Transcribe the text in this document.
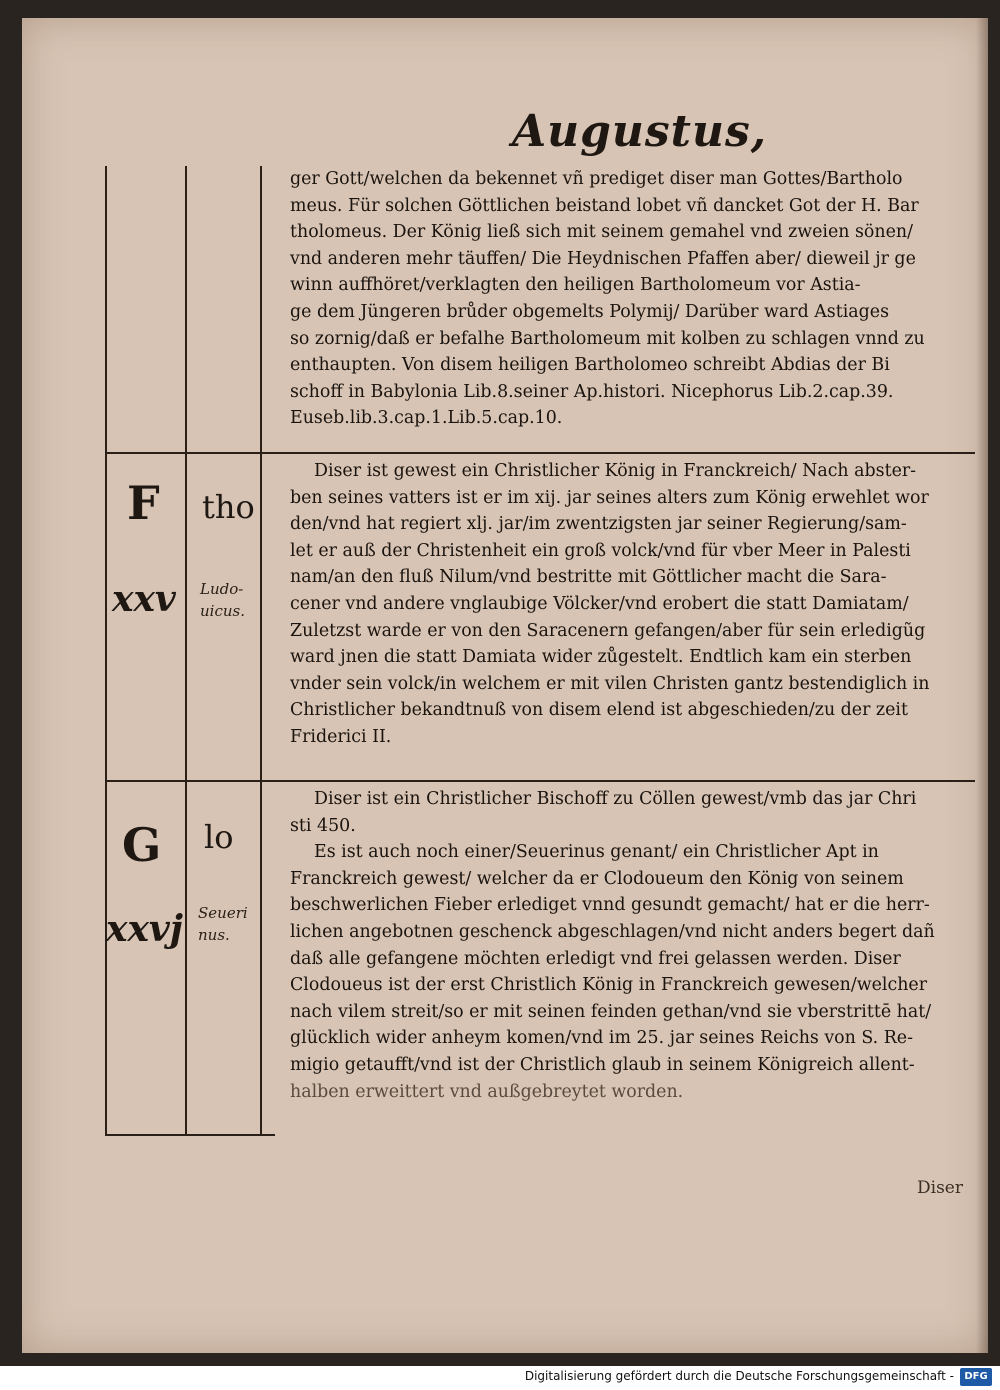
Augustus,

ger Gott/welchen da bekennet vñ prediget diser man Gottes/Bartholo

meus. Für solchen Göttlichen beistand lobet vñ dancket Got der H. Bar

tholomeus. Der König ließ sich mit seinem gemahel vnd zweien sönen/

vnd anderen mehr täuffen/ Die Heydnischen Pfaffen aber/ dieweil jr ge

winn auffhöret/verklagten den heiligen Bartholomeum vor Astia-

ge dem Jüngeren brůder obgemelts Polymij/ Darüber ward Astiages

so zornig/daß er befalhe Bartholomeum mit kolben zu schlagen vnnd zu

enthaupten. Von disem heiligen Bartholomeo schreibt Abdias der Bi

schoff in Babylonia Lib.8.seiner Ap.histori. Nicephorus Lib.2.cap.39.

Euseb.lib.3.cap.1.Lib.5.cap.10.

F
xxv
tho
Ludo-
uicus.

Diser ist gewest ein Christlicher König in Franckreich/ Nach abster-

ben seines vatters ist er im xij. jar seines alters zum König erwehlet wor

den/vnd hat regiert xlj. jar/im zwentzigsten jar seiner Regierung/sam-

let er auß der Christenheit ein groß volck/vnd für vber Meer in Palesti

nam/an den fluß Nilum/vnd bestritte mit Göttlicher macht die Sara-

cener vnd andere vnglaubige Völcker/vnd erobert die statt Damiatam/

Zuletzst warde er von den Saracenern gefangen/aber für sein erledigũg

ward jnen die statt Damiata wider zůgestelt. Endtlich kam ein sterben

vnder sein volck/in welchem er mit vilen Christen gantz bestendiglich in

Christlicher bekandtnuß von disem elend ist abgeschieden/zu der zeit

Friderici II.

G
xxvj
lo
Seueri
nus.

Diser ist ein Christlicher Bischoff zu Cöllen gewest/vmb das jar Chri

sti 450.

Es ist auch noch einer/Seuerinus genant/ ein Christlicher Apt in

Franckreich gewest/ welcher da er Clodoueum den König von seinem

beschwerlichen Fieber erlediget vnnd gesundt gemacht/ hat er die herr-

lichen angebotnen geschenck abgeschlagen/vnd nicht anders begert dañ

daß alle gefangene möchten erledigt vnd frei gelassen werden. Diser

Clodoueus ist der erst Christlich König in Franckreich gewesen/welcher

nach vilem streit/so er mit seinen feinden gethan/vnd sie vberstrittē hat/

glücklich wider anheym komen/vnd im 25. jar seines Reichs von S. Re-

migio getaufft/vnd ist der Christlich glaub in seinem Königreich allent-

halben erweittert vnd außgebreytet worden.

Diser
Digitalisierung gefördert durch die Deutsche Forschungsgemeinschaft -	DFG
